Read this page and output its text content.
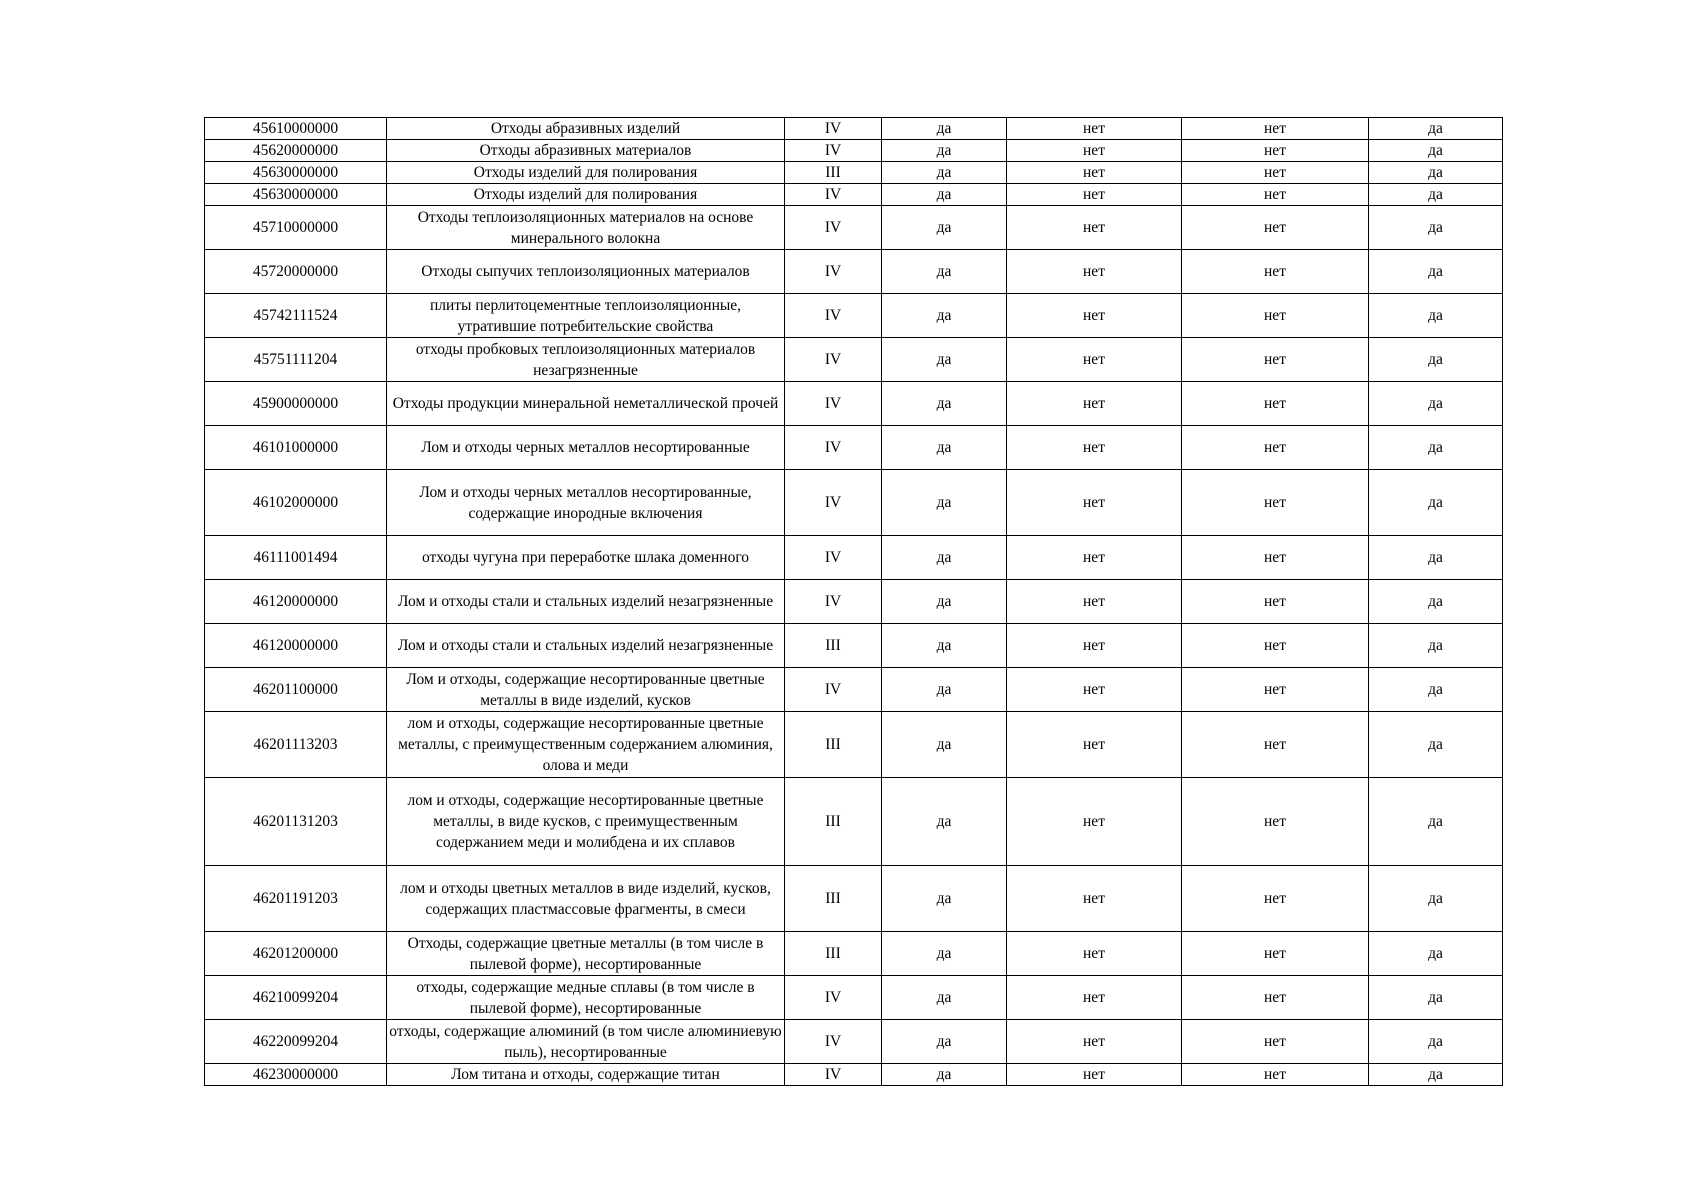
45610000000	Отходы абразивных изделий	IV	да	нет	нет	да
45620000000	Отходы абразивных материалов	IV	да	нет	нет	да
45630000000	Отходы изделий для полирования	III	да	нет	нет	да
45630000000	Отходы изделий для полирования	IV	да	нет	нет	да
45710000000	Отходы теплоизоляционных материалов на основе минерального волокна	IV	да	нет	нет	да
45720000000	Отходы сыпучих теплоизоляционных материалов	IV	да	нет	нет	да
45742111524	плиты перлитоцементные теплоизоляционные, утратившие потребительские свойства	IV	да	нет	нет	да
45751111204	отходы пробковых теплоизоляционных материалов незагрязненные	IV	да	нет	нет	да
45900000000	Отходы продукции минеральной неметаллической прочей	IV	да	нет	нет	да
46101000000	Лом и отходы черных металлов несортированные	IV	да	нет	нет	да
46102000000	Лом и отходы черных металлов несортированные, содержащие инородные включения	IV	да	нет	нет	да
46111001494	отходы чугуна при переработке шлака доменного	IV	да	нет	нет	да
46120000000	Лом и отходы стали и стальных изделий незагрязненные	IV	да	нет	нет	да
46120000000	Лом и отходы стали и стальных изделий незагрязненные	III	да	нет	нет	да
46201100000	Лом и отходы, содержащие несортированные цветные металлы в виде изделий, кусков	IV	да	нет	нет	да
46201113203	лом и отходы, содержащие несортированные цветные металлы, с преимущественным содержанием алюминия, олова и меди	III	да	нет	нет	да
46201131203	лом и отходы, содержащие несортированные цветные металлы, в виде кусков, с преимущественным содержанием меди и молибдена и их сплавов	III	да	нет	нет	да
46201191203	лом и отходы цветных металлов в виде изделий, кусков, содержащих пластмассовые фрагменты, в смеси	III	да	нет	нет	да
46201200000	Отходы, содержащие цветные металлы (в том числе в пылевой форме), несортированные	III	да	нет	нет	да
46210099204	отходы, содержащие медные сплавы (в том числе в пылевой форме), несортированные	IV	да	нет	нет	да
46220099204	отходы, содержащие алюминий (в том числе алюминиевую пыль), несортированные	IV	да	нет	нет	да
46230000000	Лом титана и отходы, содержащие титан	IV	да	нет	нет	да
